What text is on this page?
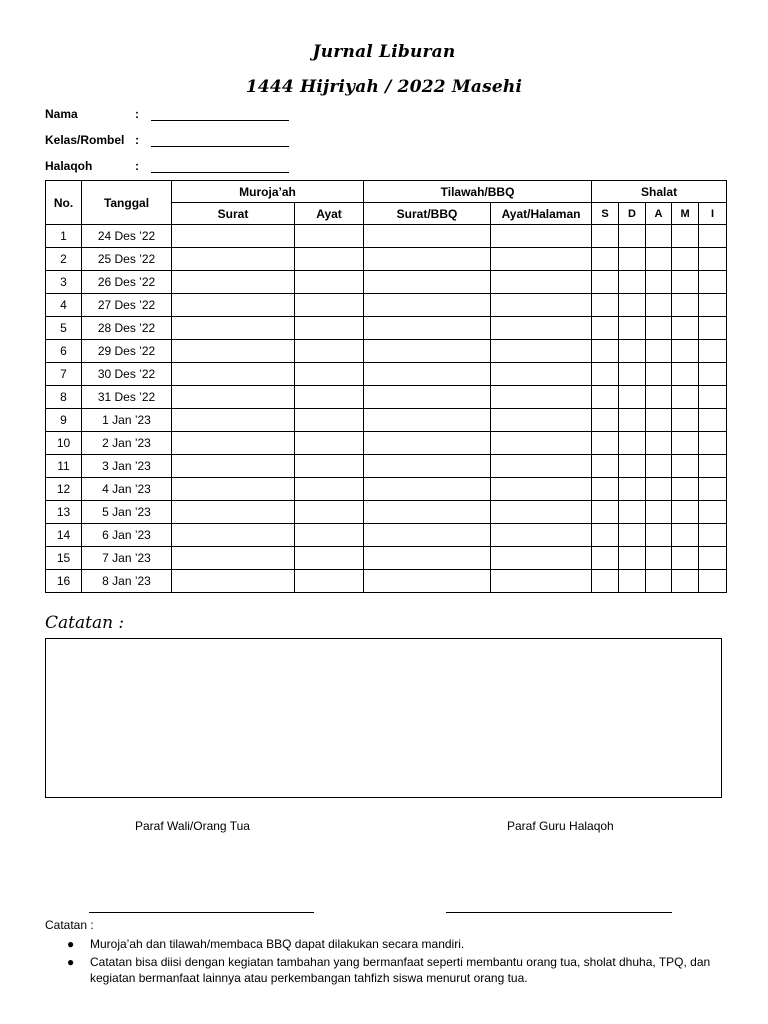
Jurnal Liburan
1444 Hijriyah / 2022 Masehi
Nama	:
Kelas/Rombel :
Halaqoh	:
No.	Tanggal	Muroja’ah		Tilawah/BBQ		Shalat				
		Surat	Ayat	Surat/BBQ	Ayat/Halaman	S	D	A	M	I
1	24 Des ’22									
2	25 Des ’22									
3	26 Des ’22									
4	27 Des ’22									
5	28 Des ’22									
6	29 Des ’22									
7	30 Des ’22									
8	31 Des ’22									
9	1 Jan ’23									
10	2 Jan ’23									
11	3 Jan ’23									
12	4 Jan ’23									
13	5 Jan ’23									
14	6 Jan ’23									
15	7 Jan ’23									
16	8 Jan ’23									
Catatan :
Paraf Wali/Orang Tua	Paraf Guru Halaqoh
Catatan :
● Muroja’ah dan tilawah/membaca BBQ dapat dilakukan secara mandiri.
● Catatan bisa diisi dengan kegiatan tambahan yang bermanfaat seperti membantu orang tua, sholat dhuha, TPQ, dan kegiatan bermanfaat lainnya atau perkembangan tahfizh siswa menurut orang tua.
